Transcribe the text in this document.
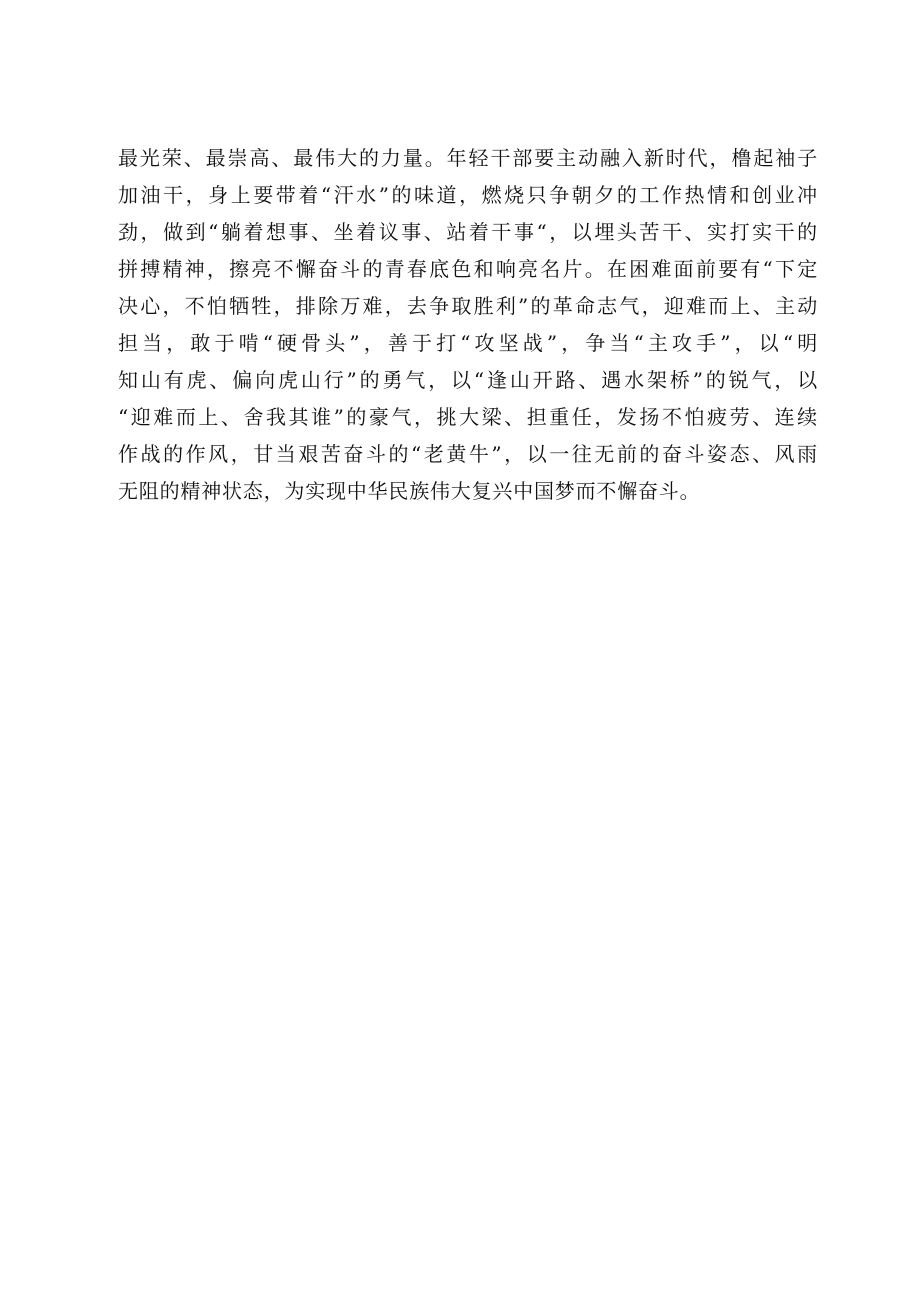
最光荣、最崇高、最伟大的力量。年轻干部要主动融入新时代，橹起袖子
加油干，身上要带着“汗水”的味道，燃烧只争朝夕的工作热情和创业冲
劲，做到“躺着想事、坐着议事、站着干事“，以埋头苦干、实打实干的
拼搏精神，擦亮不懈奋斗的青春底色和响亮名片。在困难面前要有“下定
决心，不怕牺牲，排除万难，去争取胜利”的革命志气，迎难而上、主动
担当，敢于啃“硬骨头”，善于打“攻坚战”，争当“主攻手”，以“明
知山有虎、偏向虎山行”的勇气，以“逢山开路、遇水架桥”的锐气，以
“迎难而上、舍我其谁”的豪气，挑大梁、担重任，发扬不怕疲劳、连续
作战的作风，甘当艰苦奋斗的“老黄牛”，以一往无前的奋斗姿态、风雨
无阻的精神状态，为实现中华民族伟大复兴中国梦而不懈奋斗。
